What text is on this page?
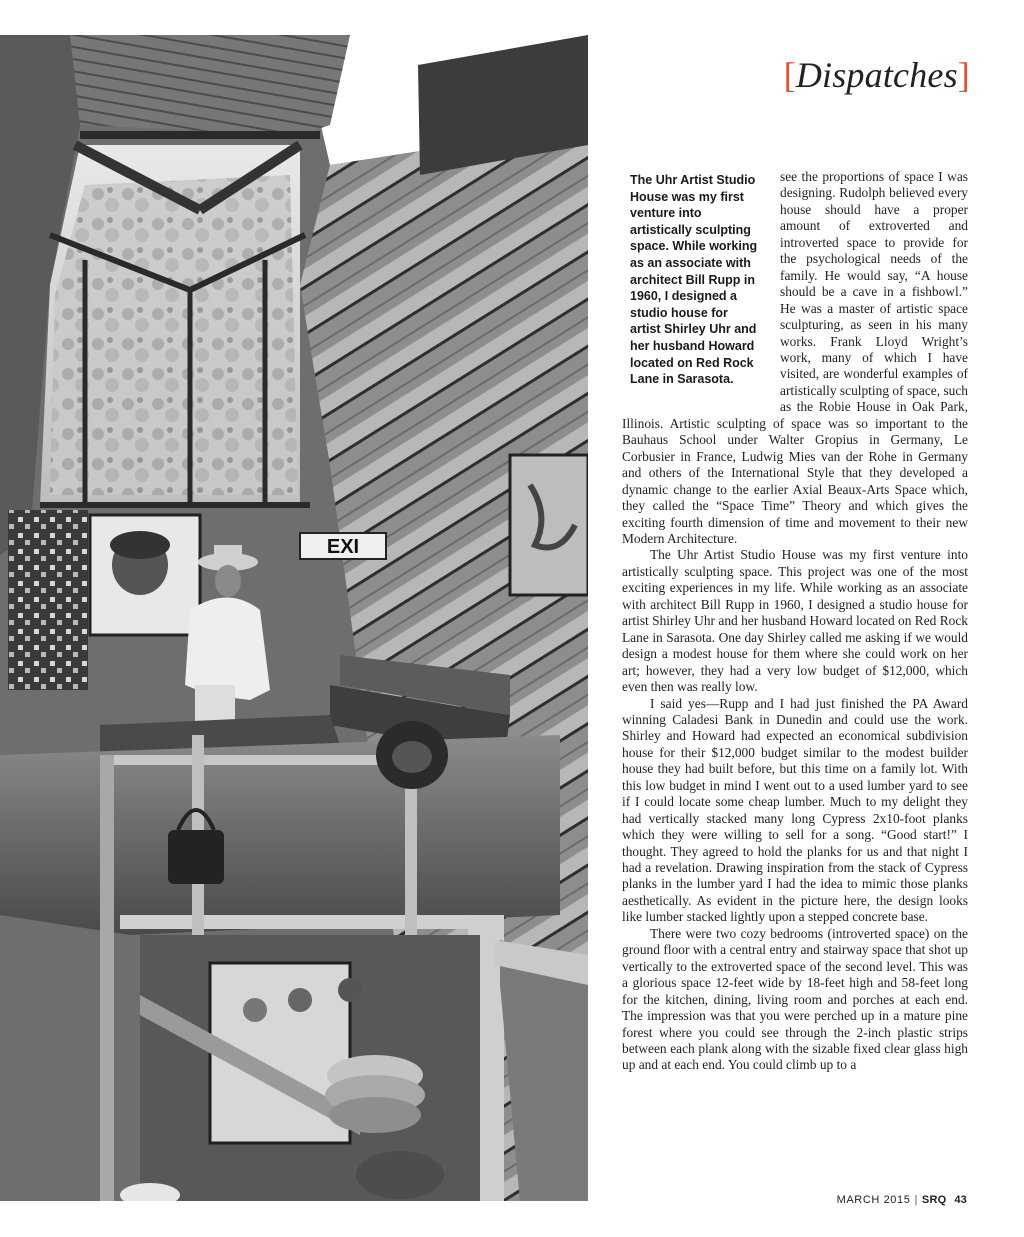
EXI
[Dispatches]
The Uhr Artist Studio House was my first venture into artistically sculpting space. While working as an associate with architect Bill Rupp in 1960, I designed a studio house for artist Shirley Uhr and her husband Howard located on Red Rock Lane in Sarasota.

see the proportions of space I was designing. Rudolph believed every house should have a proper amount of extroverted and introverted space to provide for the psychological needs of the family. He would say, “A house should be a cave in a fishbowl.” He was a master of artistic space sculpturing, as seen in his many works. Frank Lloyd Wright’s work, many of which I have visited, are wonderful examples of artistically sculpting of space, such as the Robie House in Oak Park, Illinois. Artistic sculpting of space was so important to the Bauhaus School under Walter Gropius in Germany, Le Corbusier in France, Ludwig Mies van der Rohe in Germany and others of the International Style that they developed a dynamic change to the earlier Axial Beaux-Arts Space which, they called the “Space Time” Theory and which gives the exciting fourth dimension of time and movement to their new Modern Architecture.

The Uhr Artist Studio House was my first venture into artistically sculpting space. This project was one of the most exciting experiences in my life. While working as an associate with architect Bill Rupp in 1960, I designed a studio house for artist Shirley Uhr and her husband Howard located on Red Rock Lane in Sarasota. One day Shirley called me asking if we would design a modest house for them where she could work on her art; however, they had a very low budget of $12,000, which even then was really low.

I said yes—Rupp and I had just finished the PA Award winning Caladesi Bank in Dunedin and could use the work. Shirley and Howard had expected an economical subdivision house for their $12,000 budget similar to the modest builder house they had built before, but this time on a family lot. With this low budget in mind I went out to a used lumber yard to see if I could locate some cheap lumber. Much to my delight they had vertically stacked many long Cypress 2x10-foot planks which they were willing to sell for a song. “Good start!” I thought. They agreed to hold the planks for us and that night I had a revelation. Drawing inspiration from the stack of Cypress planks in the lumber yard I had the idea to mimic those planks aesthetically. As evident in the picture here, the design looks like lumber stacked lightly upon a stepped concrete base.

There were two cozy bedrooms (introverted space) on the ground floor with a central entry and stairway space that shot up vertically to the extroverted space of the second level. This was a glorious space 12-feet wide by 18-feet high and 58-feet long for the kitchen, dining, living room and porches at each end. The impression was that you were perched up in a mature pine forest where you could see through the 2-inch plastic strips between each plank along with the sizable fixed clear glass high up and at each end. You could climb up to a

MARCH 2015 | SRQ 43
